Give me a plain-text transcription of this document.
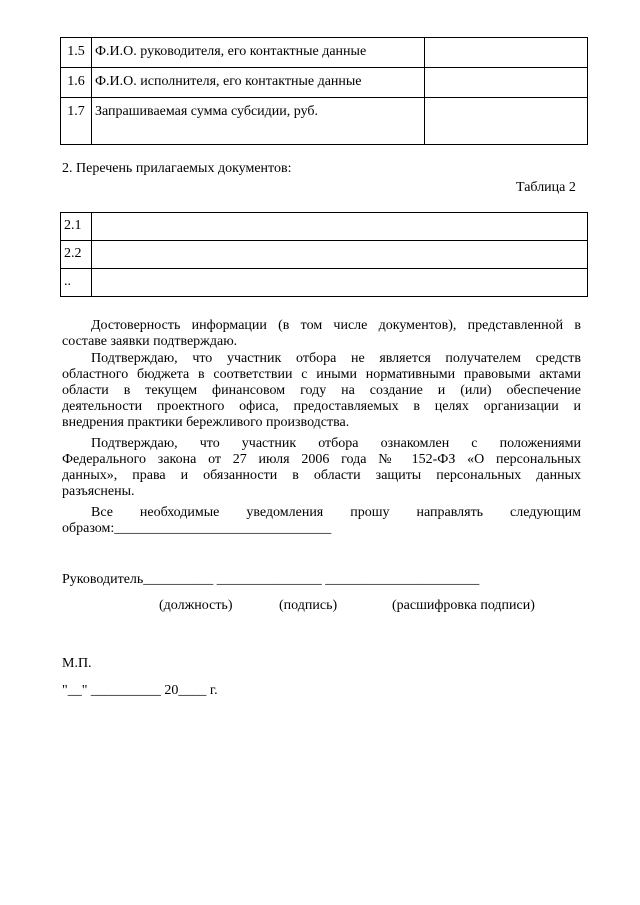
1.5	Ф.И.О. руководителя, его контактные данные	
1.6	Ф.И.О. исполнителя, его контактные данные	
1.7	Запрашиваемая сумма субсидии, руб.	
2. Перечень прилагаемых документов:
Таблица 2
2.1	
2.2	
..	
Достоверность информации (в том числе документов), представленной в
составе заявки подтверждаю.
Подтверждаю, что участник отбора не является получателем средств
областного бюджета в соответствии с иными нормативными правовыми актами
области в текущем финансовом году на создание и (или) обеспечение
деятельности проектного офиса, предоставляемых в целях организации и
внедрения практики бережливого производства.
Подтверждаю, что участник отбора ознакомлен с положениями
Федерального закона от 27 июля 2006 года № 152-ФЗ «О персональных
данных», права и обязанности в области защиты персональных данных
разъяснены.
Все необходимые уведомления прошу направлять следующим
образом:_______________________________
Руководитель__________ _______________ ______________________
(должность)	(подпись)	(расшифровка подписи)
М.П.
"__" __________ 20____ г.
